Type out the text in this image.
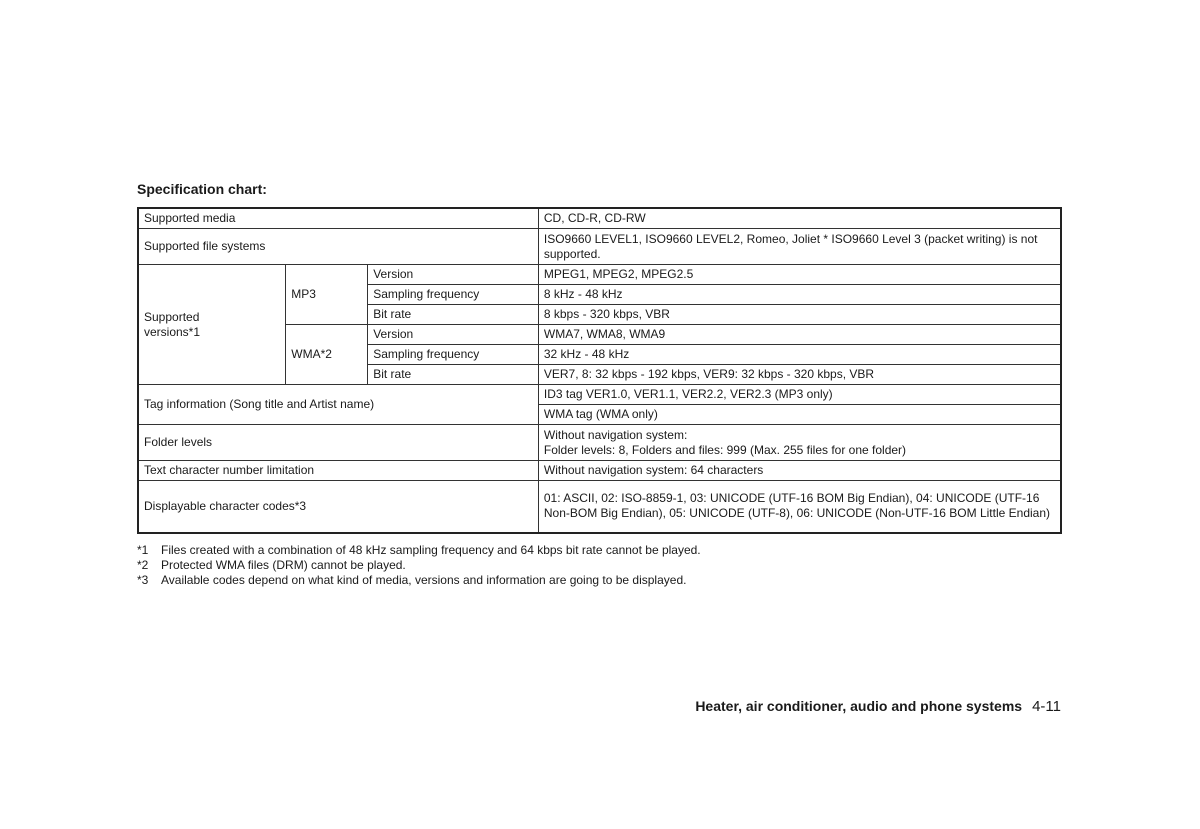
Specification chart:
Supported media			CD, CD-R, CD-RW
Supported file systems			ISO9660 LEVEL1, ISO9660 LEVEL2, Romeo, Joliet * ISO9660 Level 3 (packet writing) is not supported.
Supported versions*1	MP3	Version	MPEG1, MPEG2, MPEG2.5
		Sampling frequency	8 kHz - 48 kHz
		Bit rate	8 kbps - 320 kbps, VBR
	WMA*2	Version	WMA7, WMA8, WMA9
		Sampling frequency	32 kHz - 48 kHz
		Bit rate	VER7, 8: 32 kbps - 192 kbps, VER9: 32 kbps - 320 kbps, VBR
Tag information (Song title and Artist name)			ID3 tag VER1.0, VER1.1, VER2.2, VER2.3 (MP3 only)
			WMA tag (WMA only)
Folder levels			Without navigation system:
Folder levels: 8, Folders and files: 999 (Max. 255 files for one folder)

Text character number limitation			Without navigation system: 64 characters
Displayable character codes*3			01: ASCII, 02: ISO-8859-1, 03: UNICODE (UTF-16 BOM Big Endian), 04: UNICODE (UTF-16 Non-BOM Big Endian), 05: UNICODE (UTF-8), 06: UNICODE (Non-UTF-16 BOM Little Endian)
*1	Files created with a combination of 48 kHz sampling frequency and 64 kbps bit rate cannot be played.
*2	Protected WMA files (DRM) cannot be played.
*3	Available codes depend on what kind of media, versions and information are going to be displayed.
Heater, air conditioner, audio and phone systems 4-11
